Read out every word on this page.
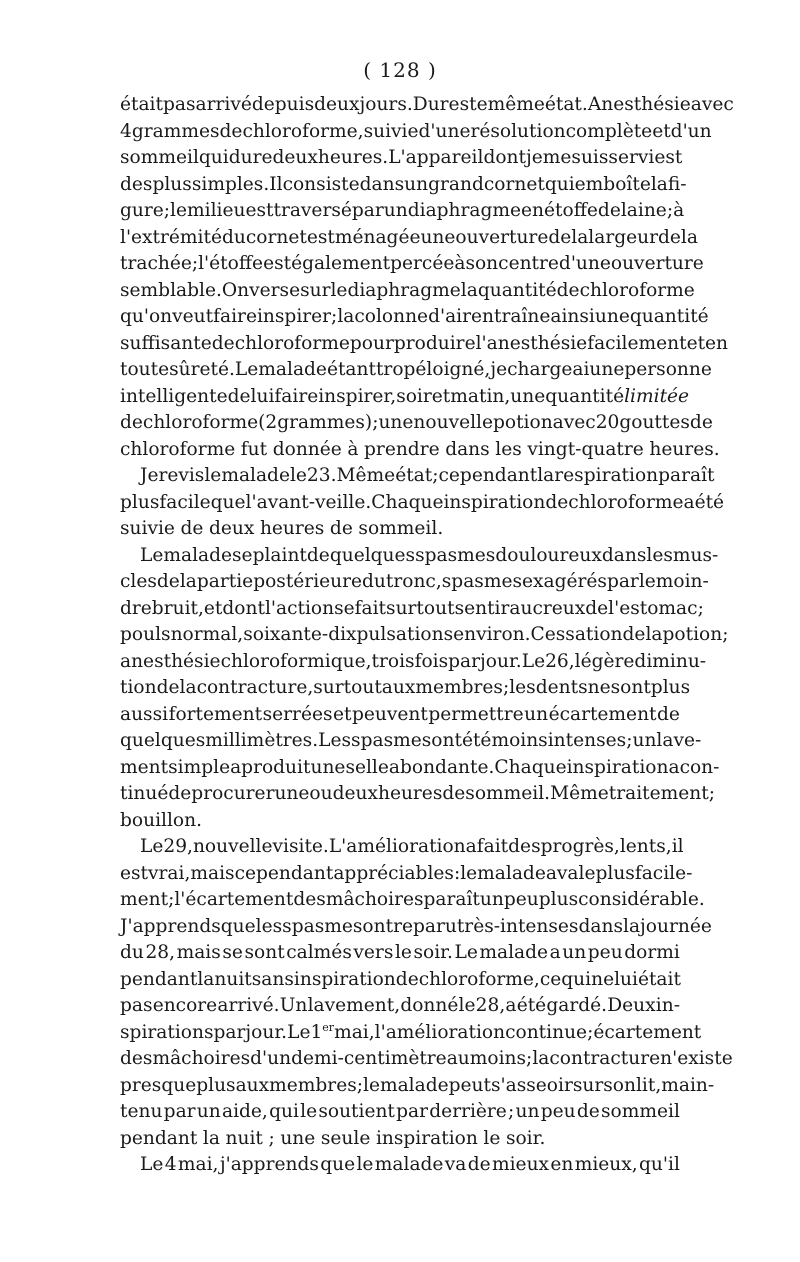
( 128 )
était pas arrivé depuis deux jours. Du reste même état. Anesthésie avec
4 grammes de chloroforme, suivie d'une résolution complète et d'un
sommeil qui dure deux heures. L'appareil dont je me suis servi est
des plus simples. Il consiste dans un grand cornet qui emboîte la fi-
gure ; le milieu est traversé par un diaphragme en étoffe de laine ; à
l'extrémité du cornet est ménagée une ouverture de la largeur de la
trachée ; l'étoffe est également percée à son centre d'une ouverture
semblable. On verse sur le diaphragme la quantité de chloroforme
qu'on veut faire inspirer ; la colonne d'air entraîne ainsi une quantité
suffisante de chloroforme pour produire l'anesthésie facilement et en
toute sûreté. Le malade étant trop éloigné, je chargeai une personne
intelligente de lui faire inspirer, soir et matin, une quantité limitée
de chloroforme (2 grammes) ; une nouvelle potion avec 20 gouttes de
chloroforme fut donnée à prendre dans les vingt-quatre heures.
Je revis le malade le 23. Même état ; cependant la respiration paraît
plus facile que l'avant-veille. Chaque inspiration de chloroforme a été
suivie de deux heures de sommeil.
Le malade se plaint de quelques spasmes douloureux dans les mus-
cles de la partie postérieure du tronc, spasmes exagérés par le moin-
dre bruit, et dont l'action se fait surtout sentir au creux de l'estomac ;
pouls normal, soixante-dix pulsations environ. Cessation de la potion ;
anesthésie chloroformique, trois fois par jour. Le 26, légère diminu-
tion de la contracture, surtout aux membres ; les dents ne sont plus
aussi fortement serrées et peuvent permettre un écartement de
quelques millimètres. Les spasmes ont été moins intenses ; un lave-
ment simple a produit une selle abondante. Chaque inspiration a con-
tinué de procurer une ou deux heures de sommeil. Même traitement ;
bouillon.
Le 29, nouvelle visite. L'amélioration a fait des progrès, lents, il
est vrai, mais cependant appréciables : le malade avale plus facile-
ment ; l'écartement des mâchoires paraît un peu plus considérable.
J'apprends que les spasmes ont reparu très-intenses dans la journée
du 28, mais se sont calmés vers le soir. Le malade a un peu dormi
pendant la nuit sans inspiration de chloroforme, ce qui ne lui était
pas encore arrivé. Un lavement, donné le 28, a été gardé. Deux in-
spirations par jour. Le 1er mai, l'amélioration continue ; écartement
des mâchoires d'un demi-centimètre au moins ; la contracture n'existe
presque plus aux membres ; le malade peut s'asseoir sur son lit, main-
tenu par un aide, qui le soutient par derrière ; un peu de sommeil
pendant la nuit ; une seule inspiration le soir.
Le 4 mai, j'apprends que le malade va de mieux en mieux, qu'il
